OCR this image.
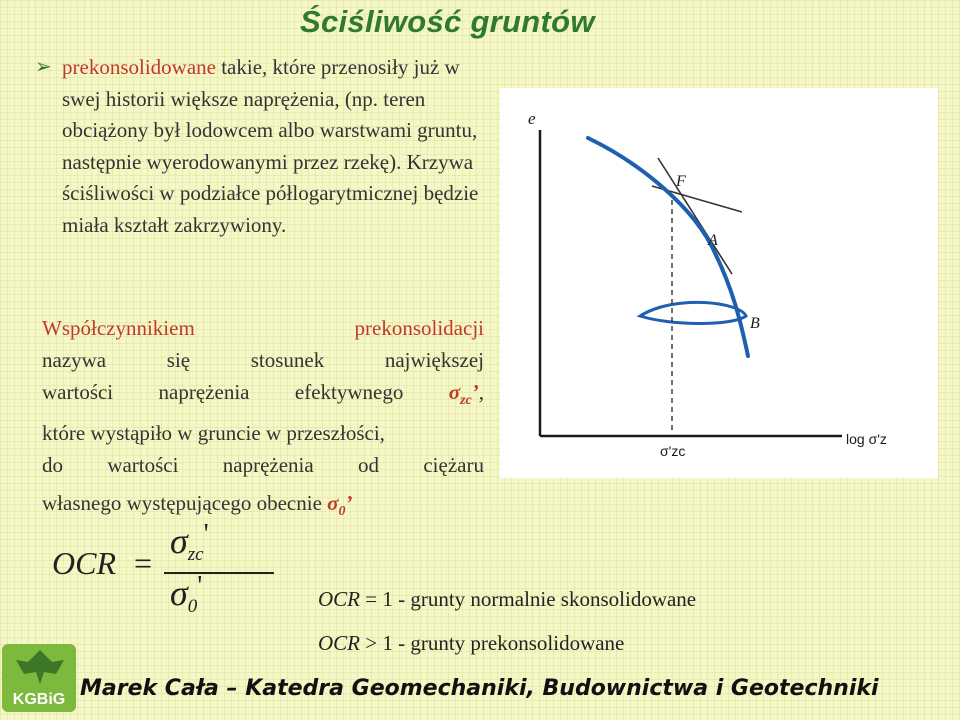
Ściśliwość gruntów
➢ prekonsolidowane takie, które przenosiły już w swej historii większe naprężenia, (np. teren obciążony był lodowcem albo warstwami gruntu, następnie wyerodowanymi przez rzekę). Krzywa ściśliwości w podziałce półlogarytmicznej będzie miała kształt zakrzywiony.
Współczynnikiem	prekonsolidacji
nazywa	się	stosunek	największej
wartości naprężenia efektywnego $\sigma_{zc}$’,
które wystąpiło w gruncie w przeszłości,
do wartości naprężenia od ciężaru
własnego występującego obecnie $\sigma_0$’
e
log σ'z
F
A
B
σ'zc
OCR =
$\sigma_{zc}'$
$\sigma_0'$	OCR = 1 - grunty normalnie skonsolidowane
OCR > 1 - grunty prekonsolidowane
KGBiG Marek Cała – Katedra Geomechaniki, Budownictwa i Geotechniki
